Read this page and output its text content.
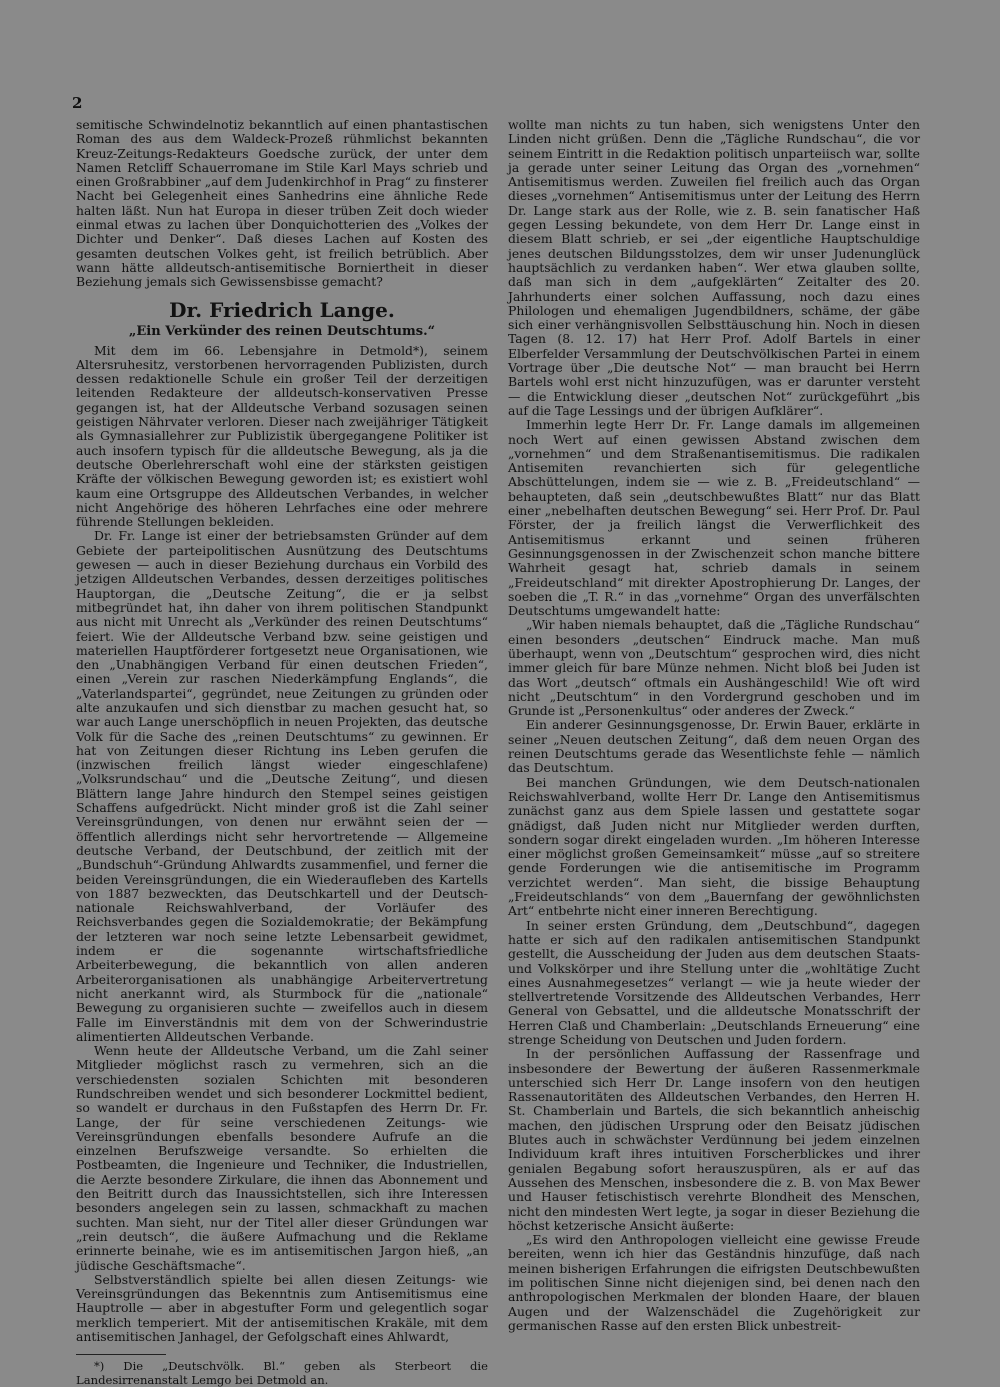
2

semitische Schwindelnotiz bekanntlich auf einen phantastischen Roman des aus dem Waldeck-Prozeß rühmlichst bekannten Kreuz-Zeitungs-Redakteurs Goedsche zurück, der unter dem Namen Retcliff Schauerromane im Stile Karl Mays schrieb und einen Großrabbiner „auf dem Judenkirchhof in Prag“ zu finsterer Nacht bei Gelegenheit eines Sanhedrins eine ähnliche Rede halten läßt. Nun hat Europa in dieser trüben Zeit doch wieder einmal etwas zu lachen über Donquichotterien des „Volkes der Dichter und Denker“. Daß dieses Lachen auf Kosten des gesamten deutschen Volkes geht, ist freilich betrüblich. Aber wann hätte alldeutsch-antisemitische Borniertheit in dieser Beziehung jemals sich Gewissensbisse gemacht?

Dr. Friedrich Lange.
„Ein Verkünder des reinen Deutschtums.“

Mit dem im 66. Lebensjahre in Detmold*), seinem Altersruhesitz, verstorbenen hervorragenden Publizisten, durch dessen redaktionelle Schule ein großer Teil der derzeitigen leitenden Redakteure der alldeutsch-konservativen Presse gegangen ist, hat der Alldeutsche Verband sozusagen seinen geistigen Nährvater verloren. Dieser nach zweijähriger Tätigkeit als Gymnasiallehrer zur Publizistik übergegangene Politiker ist auch insofern typisch für die alldeutsche Bewegung, als ja die deutsche Oberlehrerschaft wohl eine der stärksten geistigen Kräfte der völkischen Bewegung geworden ist; es existiert wohl kaum eine Ortsgruppe des Alldeutschen Verbandes, in welcher nicht Angehörige des höheren Lehrfaches eine oder mehrere führende Stellungen bekleiden.

Dr. Fr. Lange ist einer der betriebsamsten Gründer auf dem Gebiete der parteipolitischen Ausnützung des Deutschtums gewesen — auch in dieser Beziehung durchaus ein Vorbild des jetzigen Alldeutschen Verbandes, dessen derzeitiges politisches Hauptorgan, die „Deutsche Zeitung“, die er ja selbst mitbegründet hat, ihn daher von ihrem politischen Standpunkt aus nicht mit Unrecht als „Verkünder des reinen Deutschtums“ feiert. Wie der Alldeutsche Verband bzw. seine geistigen und materiellen Hauptförderer fortgesetzt neue Organisationen, wie den „Unabhängigen Verband für einen deutschen Frieden“, einen „Verein zur raschen Niederkämpfung Englands“, die „Vaterlandspartei“, gegründet, neue Zeitungen zu gründen oder alte anzukaufen und sich dienstbar zu machen gesucht hat, so war auch Lange unerschöpflich in neuen Projekten, das deutsche Volk für die Sache des „reinen Deutschtums“ zu gewinnen. Er hat von Zeitungen dieser Richtung ins Leben gerufen die (inzwischen freilich längst wieder eingeschlafene) „Volksrundschau“ und die „Deutsche Zeitung“, und diesen Blättern lange Jahre hindurch den Stempel seines geistigen Schaffens aufgedrückt. Nicht minder groß ist die Zahl seiner Vereinsgründungen, von denen nur erwähnt seien der — öffentlich allerdings nicht sehr hervortretende — Allgemeine deutsche Verband, der Deutschbund, der zeitlich mit der „Bundschuh“-Gründung Ahlwardts zusammenfiel, und ferner die beiden Vereinsgründungen, die ein Wiederaufleben des Kartells von 1887 bezweckten, das Deutschkartell und der Deutsch-nationale Reichswahlverband, der Vorläufer des Reichsverbandes gegen die Sozialdemokratie; der Bekämpfung der letzteren war noch seine letzte Lebensarbeit gewidmet, indem er die sogenannte wirtschaftsfriedliche Arbeiterbewegung, die bekanntlich von allen anderen Arbeiterorganisationen als unabhängige Arbeitervertretung nicht anerkannt wird, als Sturmbock für die „nationale“ Bewegung zu organisieren suchte — zweifellos auch in diesem Falle im Einverständnis mit dem von der Schwerindustrie alimentierten Alldeutschen Verbande.

Wenn heute der Alldeutsche Verband, um die Zahl seiner Mitglieder möglichst rasch zu vermehren, sich an die verschiedensten sozialen Schichten mit besonderen Rundschreiben wendet und sich besonderer Lockmittel bedient, so wandelt er durchaus in den Fußstapfen des Herrn Dr. Fr. Lange, der für seine verschiedenen Zeitungs- wie Vereinsgründungen ebenfalls besondere Aufrufe an die einzelnen Berufszweige versandte. So erhielten die Postbeamten, die Ingenieure und Techniker, die Industriellen, die Aerzte besondere Zirkulare, die ihnen das Abonnement und den Beitritt durch das Inaussichtstellen, sich ihre Interessen besonders angelegen sein zu lassen, schmackhaft zu machen suchten. Man sieht, nur der Titel aller dieser Gründungen war „rein deutsch“, die äußere Aufmachung und die Reklame erinnerte beinahe, wie es im antisemitischen Jargon hieß, „an jüdische Geschäftsmache“.

Selbstverständlich spielte bei allen diesen Zeitungs- wie Vereinsgründungen das Bekenntnis zum Antisemitismus eine Hauptrolle — aber in abgestufter Form und gelegentlich sogar merklich temperiert. Mit der antisemitischen Krakäle, mit dem antisemitischen Janhagel, der Gefolgschaft eines Ahlwardt,

*) Die „Deutschvölk. Bl.“ geben als Sterbeort die Landesirrenanstalt Lemgo bei Detmold an.

wollte man nichts zu tun haben, sich wenigstens Unter den Linden nicht grüßen. Denn die „Tägliche Rundschau“, die vor seinem Eintritt in die Redaktion politisch unparteiisch war, sollte ja gerade unter seiner Leitung das Organ des „vornehmen“ Antisemitismus werden. Zuweilen fiel freilich auch das Organ dieses „vornehmen“ Antisemitismus unter der Leitung des Herrn Dr. Lange stark aus der Rolle, wie z. B. sein fanatischer Haß gegen Lessing bekundete, von dem Herr Dr. Lange einst in diesem Blatt schrieb, er sei „der eigentliche Hauptschuldige jenes deutschen Bildungsstolzes, dem wir unser Judenunglück hauptsächlich zu verdanken haben“. Wer etwa glauben sollte, daß man sich in dem „aufgeklärten“ Zeitalter des 20. Jahrhunderts einer solchen Auffassung, noch dazu eines Philologen und ehemaligen Jugendbildners, schäme, der gäbe sich einer verhängnisvollen Selbsttäuschung hin. Noch in diesen Tagen (8. 12. 17) hat Herr Prof. Adolf Bartels in einer Elberfelder Versammlung der Deutschvölkischen Partei in einem Vortrage über „Die deutsche Not“ — man braucht bei Herrn Bartels wohl erst nicht hinzuzufügen, was er darunter versteht — die Entwicklung dieser „deutschen Not“ zurückgeführt „bis auf die Tage Lessings und der übrigen Aufklärer“.

Immerhin legte Herr Dr. Fr. Lange damals im allgemeinen noch Wert auf einen gewissen Abstand zwischen dem „vornehmen“ und dem Straßenantisemitismus. Die radikalen Antisemiten revanchierten sich für gelegentliche Abschüttelungen, indem sie — wie z. B. „Freideutschland“ — behaupteten, daß sein „deutschbewußtes Blatt“ nur das Blatt einer „nebelhaften deutschen Bewegung“ sei. Herr Prof. Dr. Paul Förster, der ja freilich längst die Verwerflichkeit des Antisemitismus erkannt und seinen früheren Gesinnungsgenossen in der Zwischenzeit schon manche bittere Wahrheit gesagt hat, schrieb damals in seinem „Freideutschland“ mit direkter Apostrophierung Dr. Langes, der soeben die „T. R.“ in das „vornehme“ Organ des unverfälschten Deutschtums umgewandelt hatte:

„Wir haben niemals behauptet, daß die „Tägliche Rundschau“ einen besonders „deutschen“ Eindruck mache. Man muß überhaupt, wenn von „Deutschtum“ gesprochen wird, dies nicht immer gleich für bare Münze nehmen. Nicht bloß bei Juden ist das Wort „deutsch“ oftmals ein Aushängeschild! Wie oft wird nicht „Deutschtum“ in den Vordergrund geschoben und im Grunde ist „Personenkultus“ oder anderes der Zweck.“

Ein anderer Gesinnungsgenosse, Dr. Erwin Bauer, erklärte in seiner „Neuen deutschen Zeitung“, daß dem neuen Organ des reinen Deutschtums gerade das Wesentlichste fehle — nämlich das Deutschtum.

Bei manchen Gründungen, wie dem Deutsch-nationalen Reichswahlverband, wollte Herr Dr. Lange den Antisemitismus zunächst ganz aus dem Spiele lassen und gestattete sogar gnädigst, daß Juden nicht nur Mitglieder werden durften, sondern sogar direkt eingeladen wurden. „Im höheren Interesse einer möglichst großen Gemeinsamkeit“ müsse „auf so streitere gende Forderungen wie die antisemitische im Programm verzichtet werden“. Man sieht, die bissige Behauptung „Freideutschlands“ von dem „Bauernfang der gewöhnlichsten Art“ entbehrte nicht einer inneren Berechtigung.

In seiner ersten Gründung, dem „Deutschbund“, dagegen hatte er sich auf den radikalen antisemitischen Standpunkt gestellt, die Ausscheidung der Juden aus dem deutschen Staats- und Volkskörper und ihre Stellung unter die „wohltätige Zucht eines Ausnahmegesetzes“ verlangt — wie ja heute wieder der stellvertretende Vorsitzende des Alldeutschen Verbandes, Herr General von Gebsattel, und die alldeutsche Monatsschrift der Herren Claß und Chamberlain: „Deutschlands Erneuerung“ eine strenge Scheidung von Deutschen und Juden fordern.

In der persönlichen Auffassung der Rassenfrage und insbesondere der Bewertung der äußeren Rassenmerkmale unterschied sich Herr Dr. Lange insofern von den heutigen Rassenautoritäten des Alldeutschen Verbandes, den Herren H. St. Chamberlain und Bartels, die sich bekanntlich anheischig machen, den jüdischen Ursprung oder den Beisatz jüdischen Blutes auch in schwächster Verdünnung bei jedem einzelnen Individuum kraft ihres intuitiven Forscherblickes und ihrer genialen Begabung sofort herauszuspüren, als er auf das Aussehen des Menschen, insbesondere die z. B. von Max Bewer und Hauser fetischistisch verehrte Blondheit des Menschen, nicht den mindesten Wert legte, ja sogar in dieser Beziehung die höchst ketzerische Ansicht äußerte:

„Es wird den Anthropologen vielleicht eine gewisse Freude bereiten, wenn ich hier das Geständnis hinzufüge, daß nach meinen bisherigen Erfahrungen die eifrigsten Deutschbewußten im politischen Sinne nicht diejenigen sind, bei denen nach den anthropologischen Merkmalen der blonden Haare, der blauen Augen und der Walzenschädel die Zugehörigkeit zur germanischen Rasse auf den ersten Blick unbestreit-
